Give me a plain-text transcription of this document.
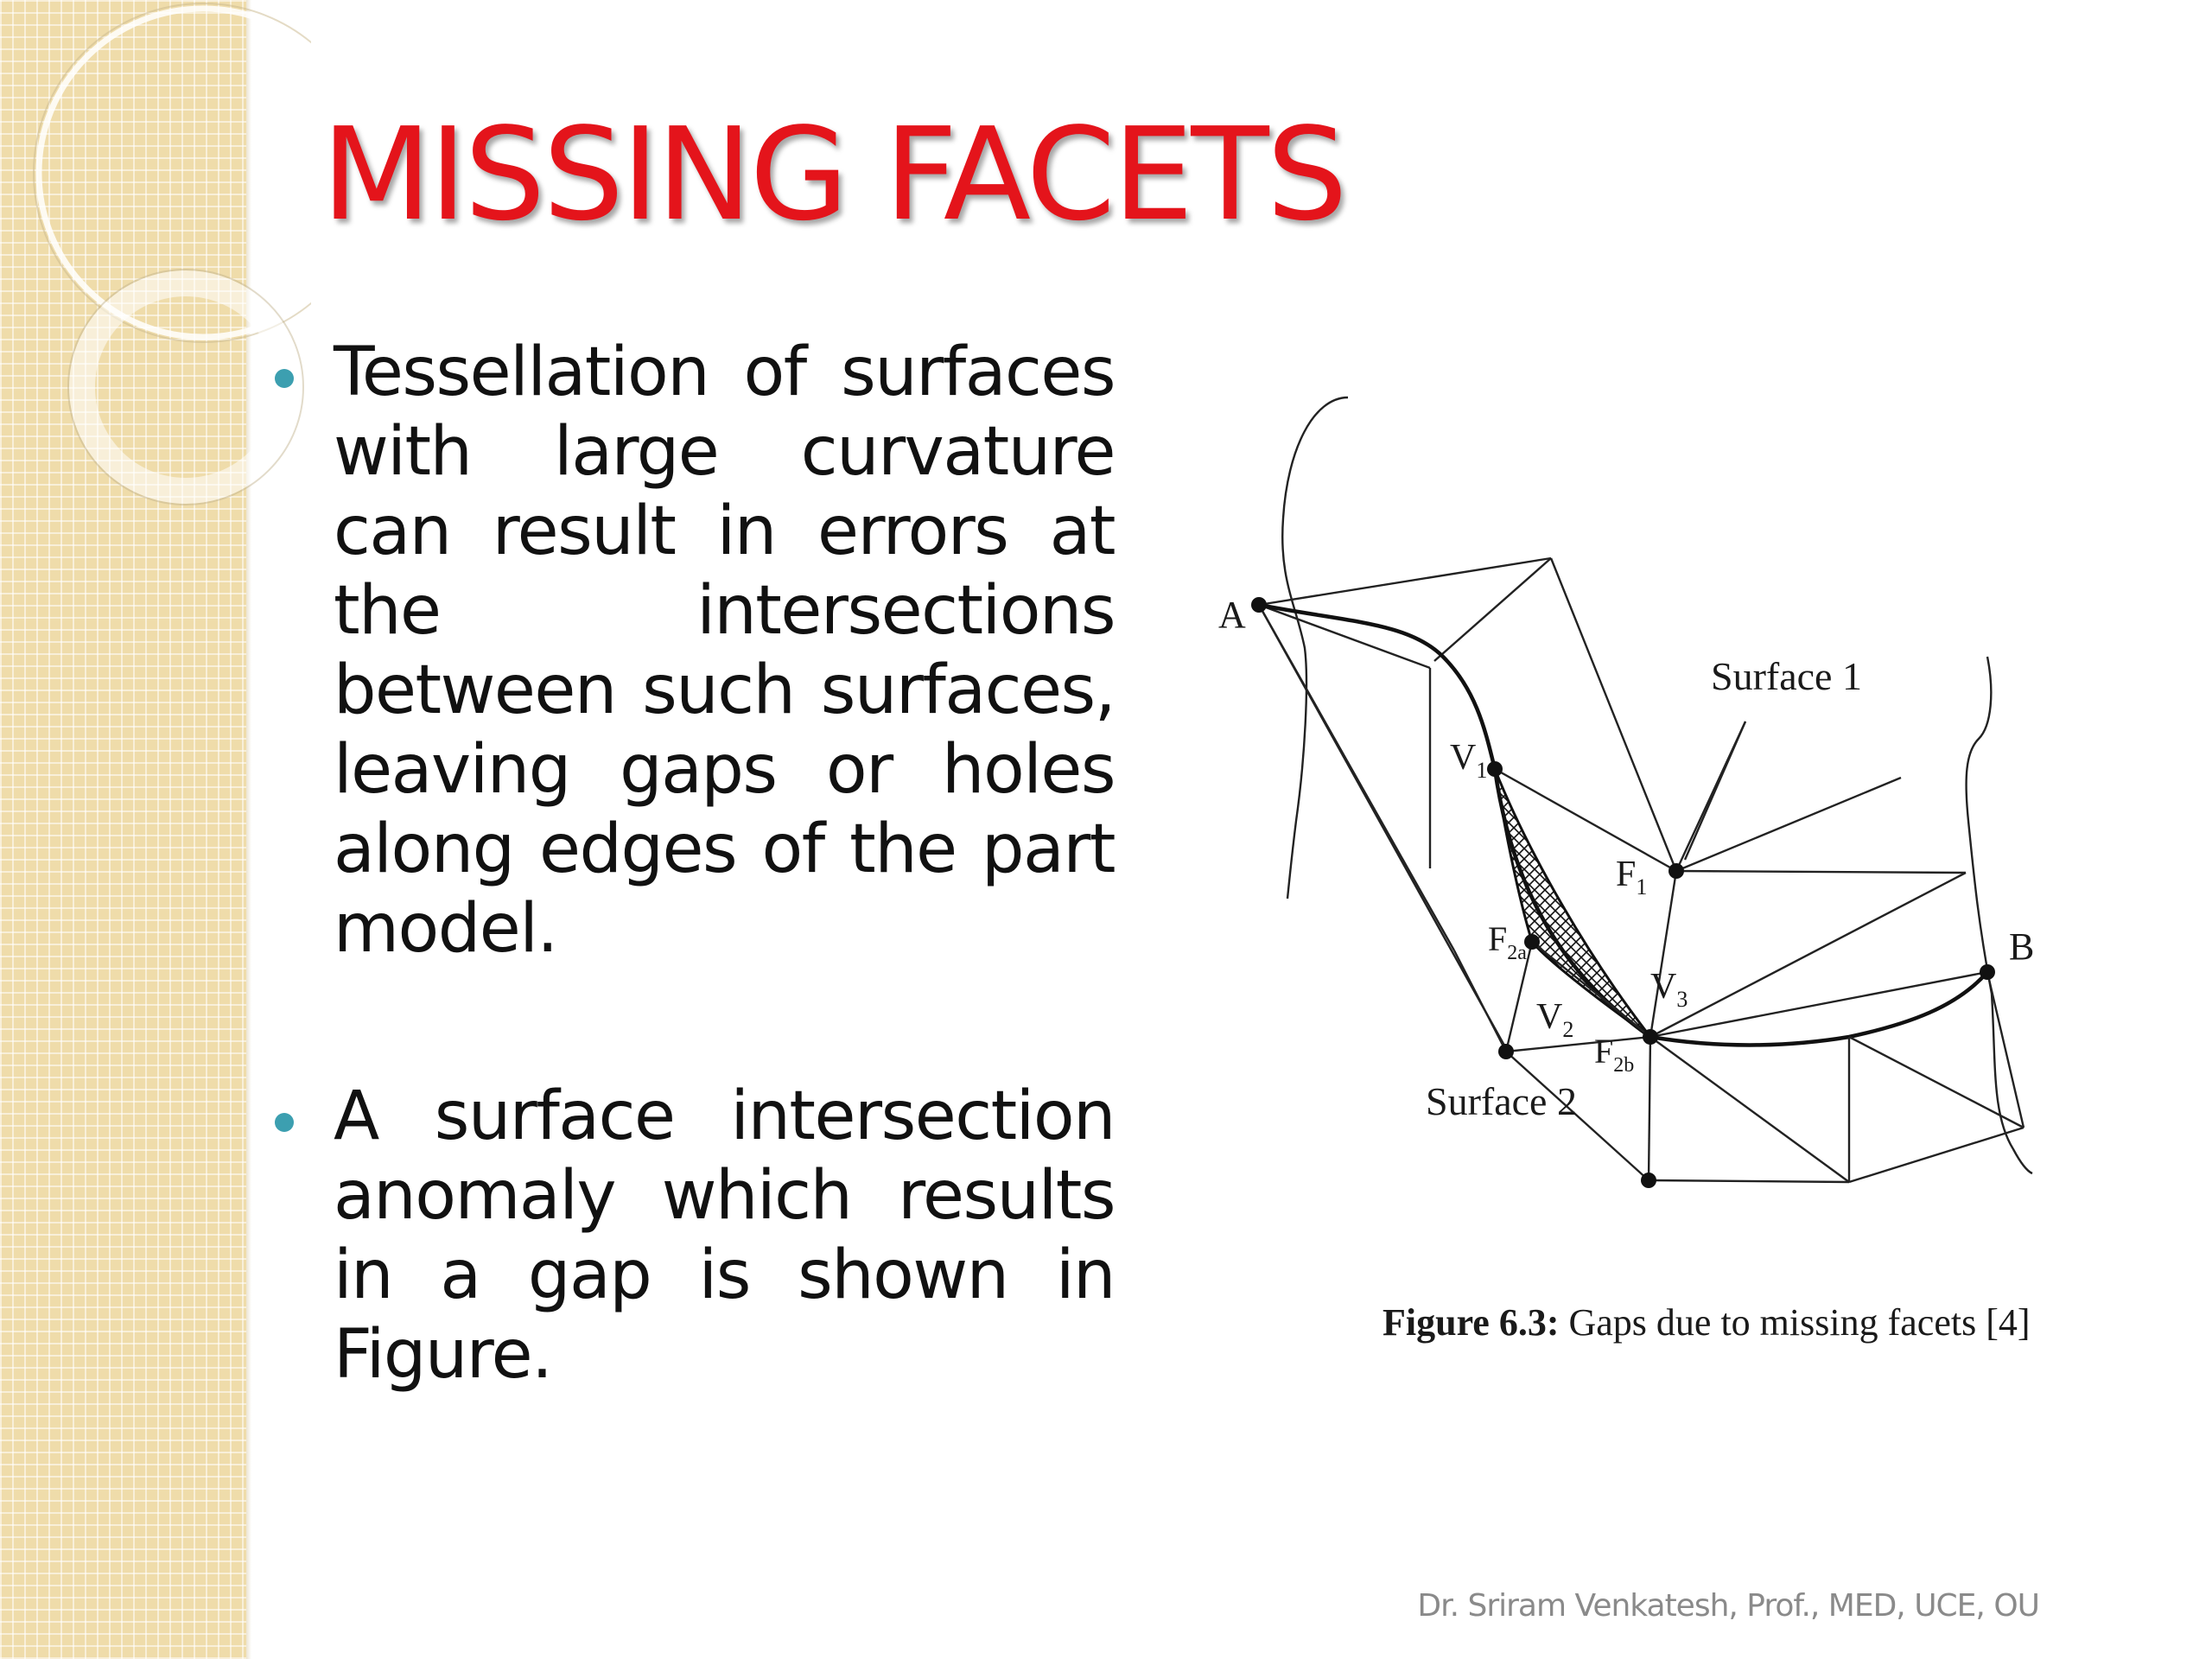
MISSING FACETS
Tessellation of surfaces with large curvature can result in errors at the intersections between such surfaces, leaving gaps or holes along edges of the part model.
A surface intersection anomaly which results in a gap is shown in Figure.
A
B
Surface 1
Surface 2
$V_1$
$F_1$
$F_{2a}$
$V_2$
$V_3$
$F_{2b}$
Figure 6.3: Gaps due to missing facets [4]
Dr. Sriram Venkatesh, Prof., MED, UCE, OU
